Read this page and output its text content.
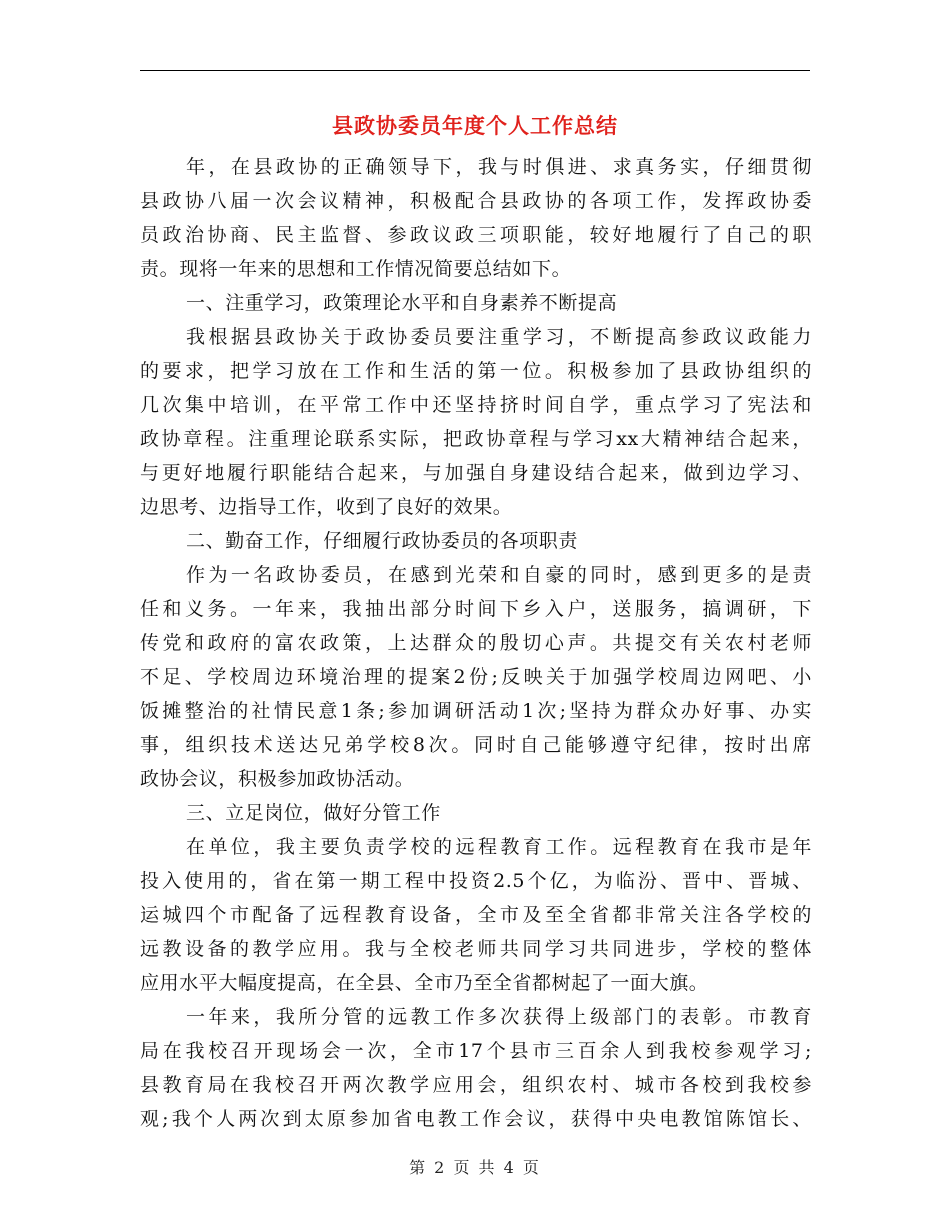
县政协委员年度个人工作总结
年，在县政协的正确领导下，我与时俱进、求真务实，仔细贯彻
县政协八届一次会议精神，积极配合县政协的各项工作，发挥政协委
员政治协商、民主监督、参政议政三项职能，较好地履行了自己的职
责。现将一年来的思想和工作情况简要总结如下。
一、注重学习，政策理论水平和自身素养不断提高
我根据县政协关于政协委员要注重学习，不断提高参政议政能力
的要求，把学习放在工作和生活的第一位。积极参加了县政协组织的
几次集中培训，在平常工作中还坚持挤时间自学，重点学习了宪法和
政协章程。注重理论联系实际，把政协章程与学习xx大精神结合起来，
与更好地履行职能结合起来，与加强自身建设结合起来，做到边学习、
边思考、边指导工作，收到了良好的效果。
二、勤奋工作，仔细履行政协委员的各项职责
作为一名政协委员，在感到光荣和自豪的同时，感到更多的是责
任和义务。一年来，我抽出部分时间下乡入户，送服务，搞调研，下
传党和政府的富农政策，上达群众的殷切心声。共提交有关农村老师
不足、学校周边环境治理的提案2份;反映关于加强学校周边网吧、小
饭摊整治的社情民意1条;参加调研活动1次;坚持为群众办好事、办实
事，组织技术送达兄弟学校8次。同时自己能够遵守纪律，按时出席
政协会议，积极参加政协活动。
三、立足岗位，做好分管工作
在单位，我主要负责学校的远程教育工作。远程教育在我市是年
投入使用的，省在第一期工程中投资2.5个亿，为临汾、晋中、晋城、
运城四个市配备了远程教育设备，全市及至全省都非常关注各学校的
远教设备的教学应用。我与全校老师共同学习共同进步，学校的整体
应用水平大幅度提高，在全县、全市乃至全省都树起了一面大旗。
一年来，我所分管的远教工作多次获得上级部门的表彰。市教育
局在我校召开现场会一次，全市17个县市三百余人到我校参观学习;
县教育局在我校召开两次教学应用会，组织农村、城市各校到我校参
观;我个人两次到太原参加省电教工作会议，获得中央电教馆陈馆长、
第 2 页 共 4 页
